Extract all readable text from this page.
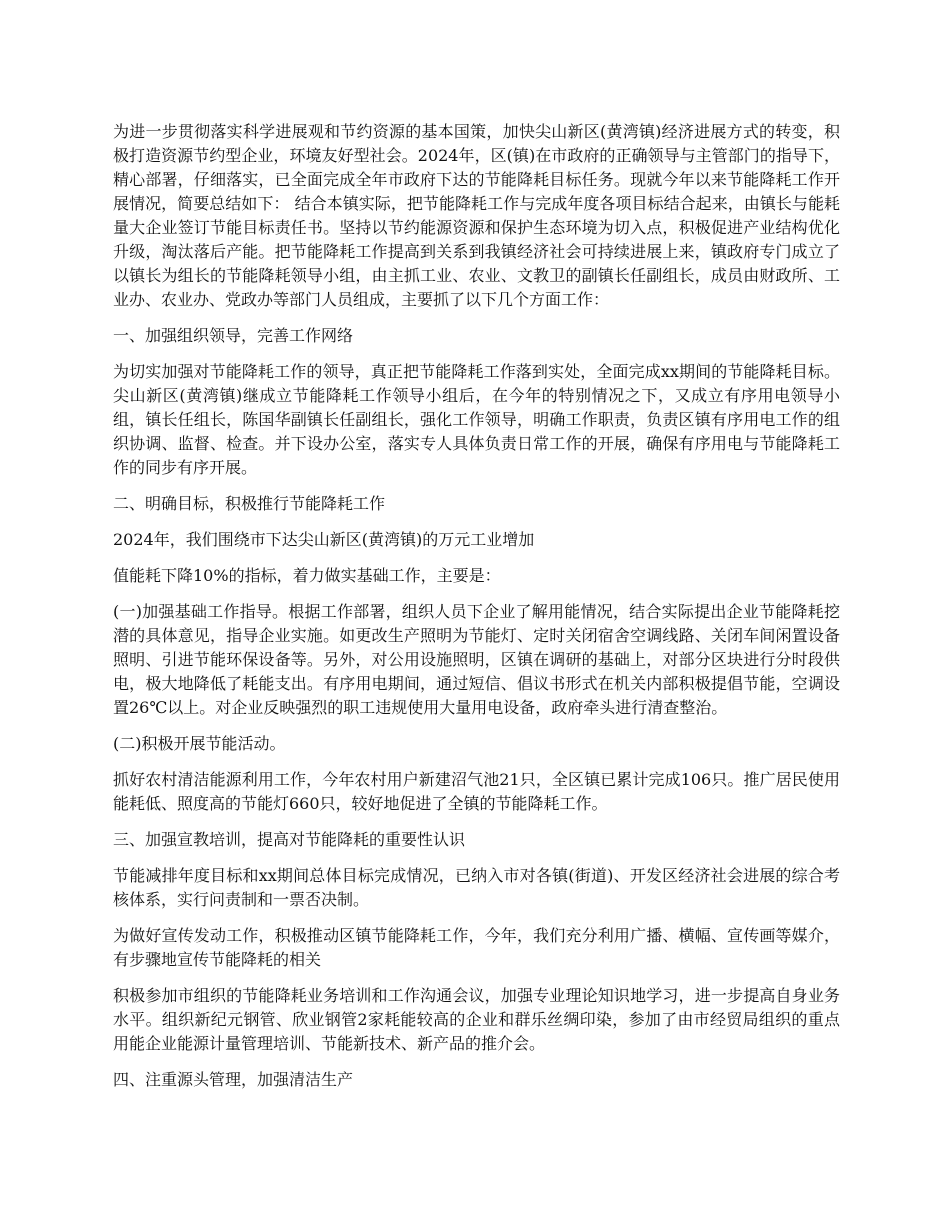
为进一步贯彻落实科学进展观和节约资源的基本国策，加快尖山新区(黄湾镇)经济进展方式的转变，积极打造资源节约型企业，环境友好型社会。2024年，区(镇)在市政府的正确领导与主管部门的指导下，精心部署，仔细落实，已全面完成全年市政府下达的节能降耗目标任务。现就今年以来节能降耗工作开展情况，简要总结如下： 结合本镇实际，把节能降耗工作与完成年度各项目标结合起来，由镇长与能耗量大企业签订节能目标责任书。坚持以节约能源资源和保护生态环境为切入点，积极促进产业结构优化升级，淘汰落后产能。把节能降耗工作提高到关系到我镇经济社会可持续进展上来，镇政府专门成立了以镇长为组长的节能降耗领导小组，由主抓工业、农业、文教卫的副镇长任副组长，成员由财政所、工业办、农业办、党政办等部门人员组成，主要抓了以下几个方面工作：

一、加强组织领导，完善工作网络

为切实加强对节能降耗工作的领导，真正把节能降耗工作落到实处，全面完成xx期间的节能降耗目标。尖山新区(黄湾镇)继成立节能降耗工作领导小组后，在今年的特别情况之下，又成立有序用电领导小组，镇长任组长，陈国华副镇长任副组长，强化工作领导，明确工作职责，负责区镇有序用电工作的组织协调、监督、检查。并下设办公室，落实专人具体负责日常工作的开展，确保有序用电与节能降耗工作的同步有序开展。

二、明确目标，积极推行节能降耗工作

2024年，我们围绕市下达尖山新区(黄湾镇)的万元工业增加

值能耗下降10%的指标，着力做实基础工作，主要是：

(一)加强基础工作指导。根据工作部署，组织人员下企业了解用能情况，结合实际提出企业节能降耗挖潜的具体意见，指导企业实施。如更改生产照明为节能灯、定时关闭宿舍空调线路、关闭车间闲置设备照明、引进节能环保设备等。另外，对公用设施照明，区镇在调研的基础上，对部分区块进行分时段供电，极大地降低了耗能支出。有序用电期间，通过短信、倡议书形式在机关内部积极提倡节能，空调设置26℃以上。对企业反映强烈的职工违规使用大量用电设备，政府牵头进行清查整治。

(二)积极开展节能活动。

抓好农村清洁能源利用工作，今年农村用户新建沼气池21只，全区镇已累计完成106只。推广居民使用能耗低、照度高的节能灯660只，较好地促进了全镇的节能降耗工作。

三、加强宣教培训，提高对节能降耗的重要性认识

节能减排年度目标和xx期间总体目标完成情况，已纳入市对各镇(街道)、开发区经济社会进展的综合考核体系，实行问责制和一票否决制。

为做好宣传发动工作，积极推动区镇节能降耗工作，今年，我们充分利用广播、横幅、宣传画等媒介，有步骤地宣传节能降耗的相关

积极参加市组织的节能降耗业务培训和工作沟通会议，加强专业理论知识地学习，进一步提高自身业务水平。组织新纪元钢管、欣业钢管2家耗能较高的企业和群乐丝绸印染，参加了由市经贸局组织的重点用能企业能源计量管理培训、节能新技术、新产品的推介会。

四、注重源头管理，加强清洁生产
